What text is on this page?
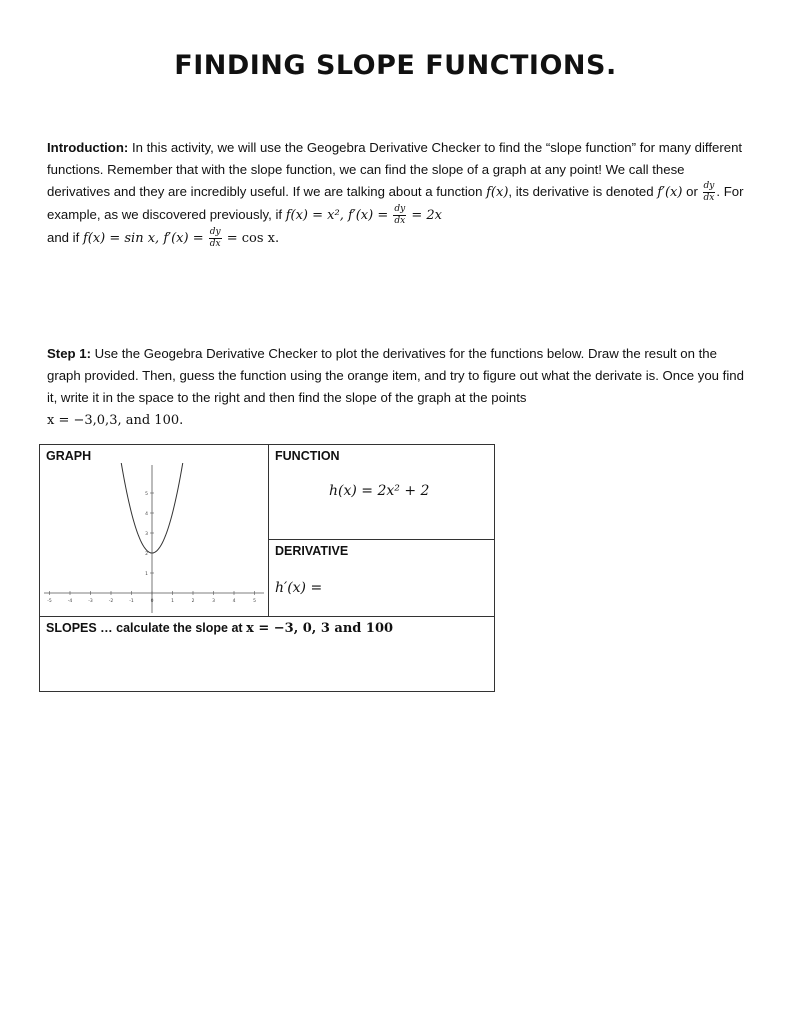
FINDING SLOPE FUNCTIONS.
Introduction: In this activity, we will use the Geogebra Derivative Checker to find the “slope function” for many different functions. Remember that with the slope function, we can find the slope of a graph at any point! We call these derivatives and they are incredibly useful. If we are talking about a function f(x), its derivative is denoted f′(x) or $\frac{dy}{dx}$ . For example, as we discovered previously, if f(x) = x², $f'(x) = \frac{dy}{dx} = 2x$
and if f(x) = sin x, $f'(x) = \frac{dy}{dx} = \cos x$.
Step 1: Use the Geogebra Derivative Checker to plot the derivatives for the functions below. Draw the result on the graph provided. Then, guess the function using the orange item, and try to figure out what the derivate is. Once you find it, write it in the space to the right and then find the slope of the graph at the points
x = −3,0,3, and 100.
GRAPH
-5	-4	-3	-2	-1	0	1	2	3	4	5
5
4
3
2
1
FUNCTION
h(x) = 2x² + 2
DERIVATIVE
h′(x) =
SLOPES … calculate the slope at x = −3, 0, 3 and 100
